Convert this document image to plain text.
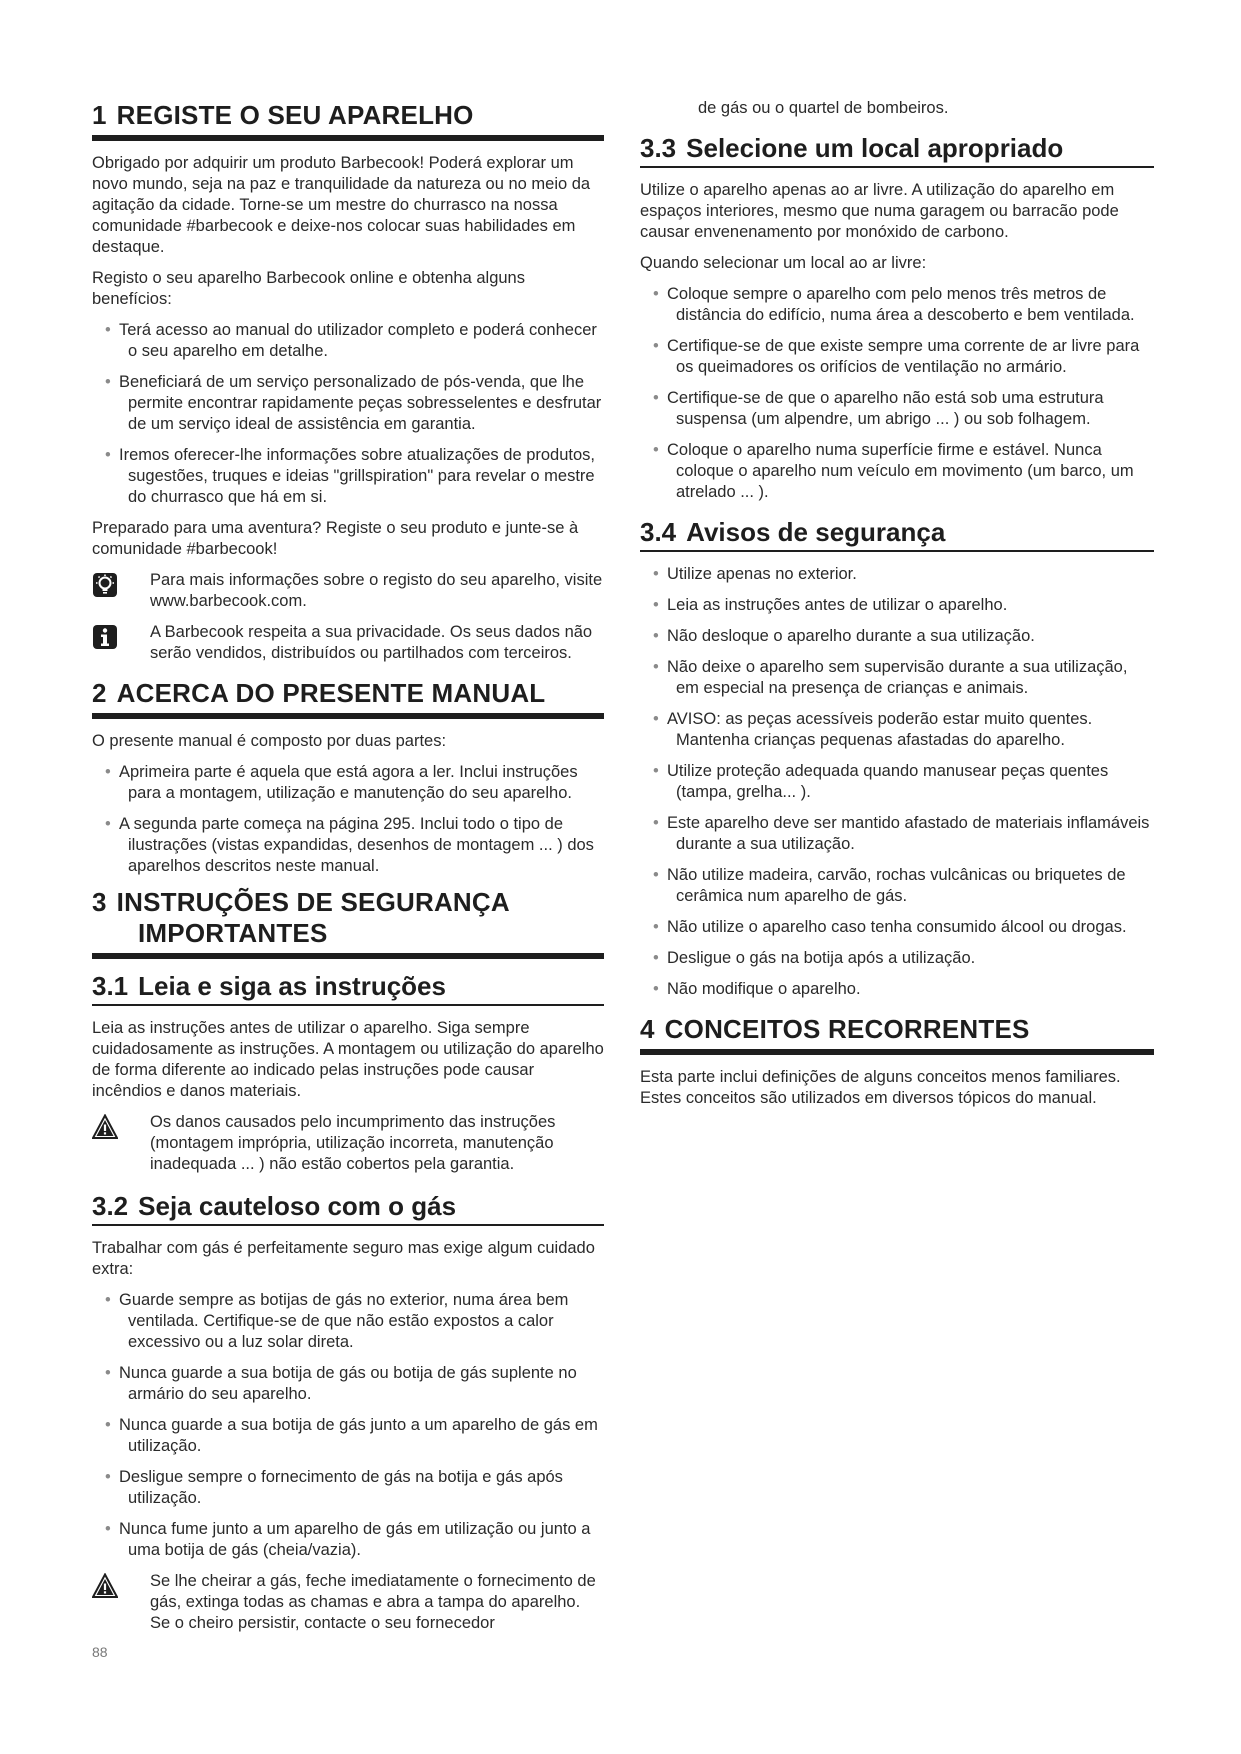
1 REGISTE O SEU APARELHO

Obrigado por adquirir um produto Barbecook! Poderá explorar um novo mundo, seja na paz e tranquilidade da natureza ou no meio da agitação da cidade. Torne-se um mestre do churrasco na nossa comunidade #barbecook e deixe-nos colocar suas habilidades em destaque.

Registo o seu aparelho Barbecook online e obtenha alguns benefícios:

• Terá acesso ao manual do utilizador completo e poderá conhecer o seu aparelho em detalhe.
• Beneficiará de um serviço personalizado de pós-venda, que lhe permite encontrar rapidamente peças sobresselentes e desfrutar de um serviço ideal de assistência em garantia.
• Iremos oferecer-lhe informações sobre atualizações de produtos, sugestões, truques e ideias "grillspiration" para revelar o mestre do churrasco que há em si.

Preparado para uma aventura? Registe o seu produto e junte-se à comunidade #barbecook!

Para mais informações sobre o registo do seu aparelho, visite www.barbecook.com.

A Barbecook respeita a sua privacidade. Os seus dados não serão vendidos, distribuídos ou partilhados com terceiros.

2 ACERCA DO PRESENTE MANUAL

O presente manual é composto por duas partes:

• Aprimeira parte é aquela que está agora a ler. Inclui instruções para a montagem, utilização e manutenção do seu aparelho.
• A segunda parte começa na página 295. Inclui todo o tipo de ilustrações (vistas expandidas, desenhos de montagem ... ) dos aparelhos descritos neste manual.
3 INSTRUÇÕES DE SEGURANÇA
IMPORTANTES
3.1 Leia e siga as instruções

Leia as instruções antes de utilizar o aparelho. Siga sempre cuidadosamente as instruções. A montagem ou utilização do aparelho de forma diferente ao indicado pelas instruções pode causar incêndios e danos materiais.

Os danos causados pelo incumprimento das instruções (montagem imprópria, utilização incorreta, manutenção inadequada ... ) não estão cobertos pela garantia.

3.2 Seja cauteloso com o gás

Trabalhar com gás é perfeitamente seguro mas exige algum cuidado extra:

• Guarde sempre as botijas de gás no exterior, numa área bem ventilada. Certifique-se de que não estão expostos a calor excessivo ou a luz solar direta.
• Nunca guarde a sua botija de gás ou botija de gás suplente no armário do seu aparelho.
• Nunca guarde a sua botija de gás junto a um aparelho de gás em utilização.
• Desligue sempre o fornecimento de gás na botija e gás após utilização.
• Nunca fume junto a um aparelho de gás em utilização ou junto a uma botija de gás (cheia/vazia).

Se lhe cheirar a gás, feche imediatamente o fornecimento de gás, extinga todas as chamas e abra a tampa do aparelho. Se o cheiro persistir, contacte o seu fornecedor

88

de gás ou o quartel de bombeiros.

3.3 Selecione um local apropriado

Utilize o aparelho apenas ao ar livre. A utilização do aparelho em espaços interiores, mesmo que numa garagem ou barracão pode causar envenenamento por monóxido de carbono.

Quando selecionar um local ao ar livre:

• Coloque sempre o aparelho com pelo menos três metros de distância do edifício, numa área a descoberto e bem ventilada.
• Certifique-se de que existe sempre uma corrente de ar livre para os queimadores os orifícios de ventilação no armário.
• Certifique-se de que o aparelho não está sob uma estrutura suspensa (um alpendre, um abrigo ... ) ou sob folhagem.
• Coloque o aparelho numa superfície firme e estável. Nunca coloque o aparelho num veículo em movimento (um barco, um atrelado ... ).
3.4 Avisos de segurança
• Utilize apenas no exterior.
• Leia as instruções antes de utilizar o aparelho.
• Não desloque o aparelho durante a sua utilização.
• Não deixe o aparelho sem supervisão durante a sua utilização, em especial na presença de crianças e animais.
• AVISO: as peças acessíveis poderão estar muito quentes. Mantenha crianças pequenas afastadas do aparelho.
• Utilize proteção adequada quando manusear peças quentes (tampa, grelha... ).
• Este aparelho deve ser mantido afastado de materiais inflamáveis durante a sua utilização.
• Não utilize madeira, carvão, rochas vulcânicas ou briquetes de cerâmica num aparelho de gás.
• Não utilize o aparelho caso tenha consumido álcool ou drogas.
• Desligue o gás na botija após a utilização.
• Não modifique o aparelho.
4 CONCEITOS RECORRENTES

Esta parte inclui definições de alguns conceitos menos familiares. Estes conceitos são utilizados em diversos tópicos do manual.
